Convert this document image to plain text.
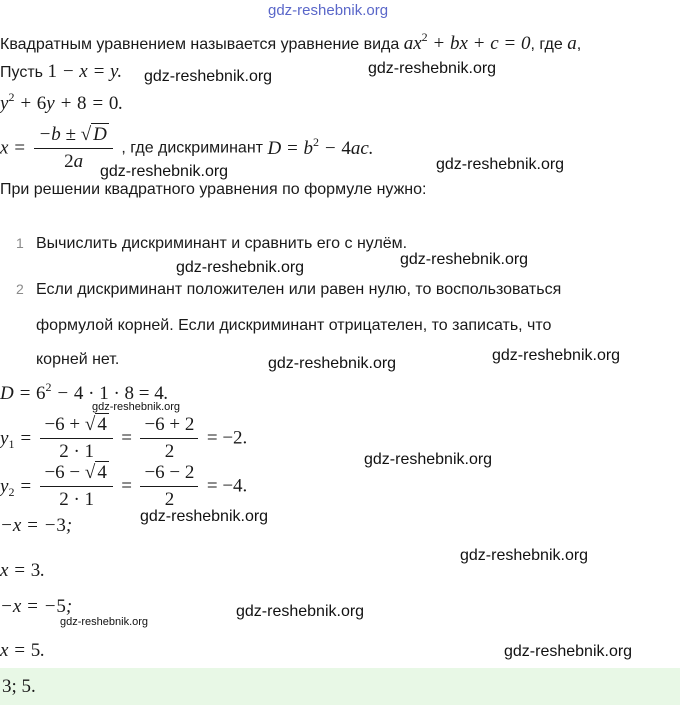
gdz-reshebnik.org
Квадратным уравнением называется уравнение вида $ax^2$ + bx + c = 0, где a,
Пусть 1 − x = y.
$y^2 + 6y + 8 = 0$.
$x = \frac{-b \pm √ D}{2a}$ , где дискриминант $D = b^2 - 4ac$.
При решении квадратного уравнения по формуле нужно:
1 Вычислить дискриминант и сравнить его с нулём.
2 Если дискриминант положителен или равен нулю, то воспользоваться
формулой корней. Если дискриминант отрицателен, то записать, что
корней нет.
$D = 6^2 - 4 \cdot 1 \cdot 8 = 4$.
$y_1 = \frac{-6 + √ 4}{2 \cdot 1} = \frac{-6 + 2}{2} = -2$.
$y_2 = \frac{-6 - √ 4}{2 \cdot 1} = \frac{-6 - 2}{2} = -4$.
−x = −3;
x = 3.
−x = −5;
x = 5.
3; 5.
gdz-reshebnik.org	gdz-reshebnik.org
gdz-reshebnik.org	gdz-reshebnik.org
gdz-reshebnik.org	gdz-reshebnik.org
gdz-reshebnik.org	gdz-reshebnik.org
gdz-reshebnik.org
gdz-reshebnik.org
gdz-reshebnik.org
gdz-reshebnik.org
gdz-reshebnik.org
gdz-reshebnik.org
gdz-reshebnik.org
